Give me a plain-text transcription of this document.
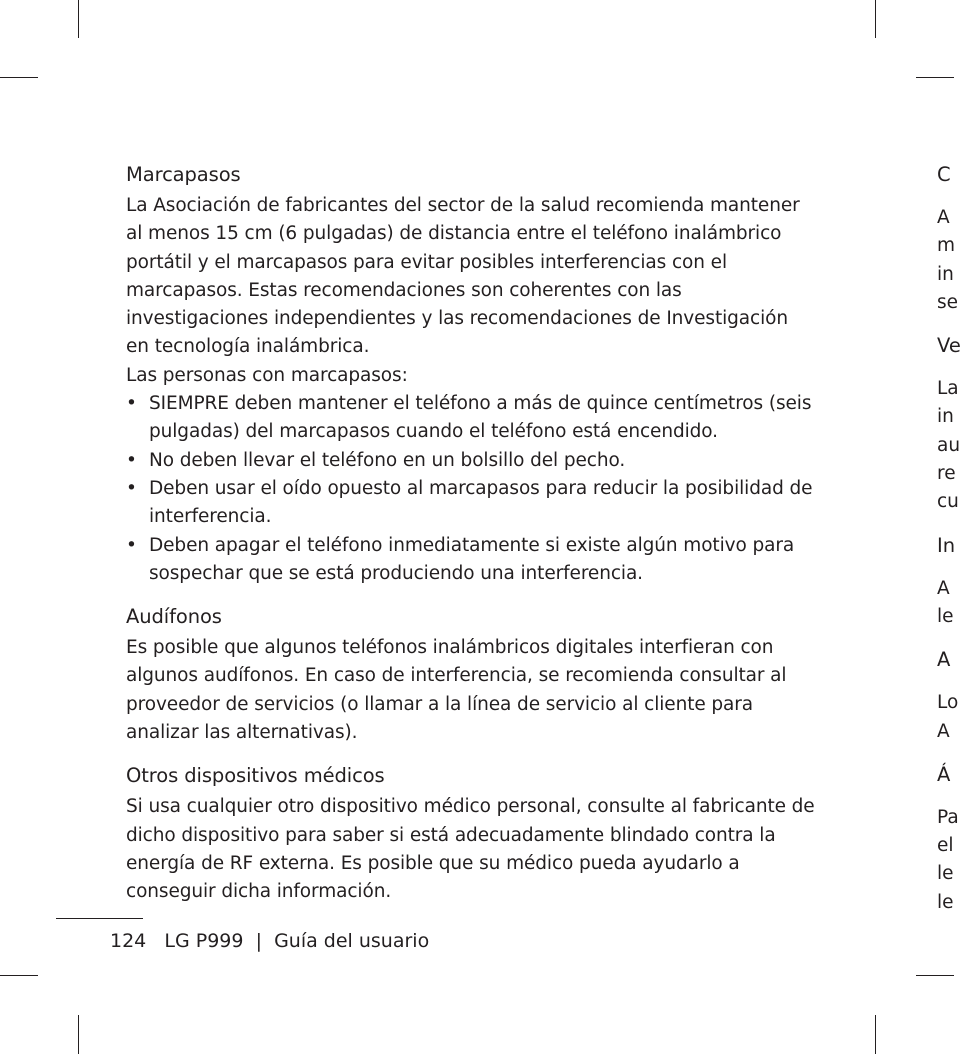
Marcapasos

La Asociación de fabricantes del sector de la salud recomienda mantener al menos 15 cm (6 pulgadas) de distancia entre el teléfono inalámbrico portátil y el marcapasos para evitar posibles interferencias con el marcapasos. Estas recomendaciones son coherentes con las investigaciones independientes y las recomendaciones de Investigación en tecnología inalámbrica.

Las personas con marcapasos:

• SIEMPRE deben mantener el teléfono a más de quince centímetros (seis pulgadas) del marcapasos cuando el teléfono está encendido.
• No deben llevar el teléfono en un bolsillo del pecho.
• Deben usar el oído opuesto al marcapasos para reducir la posibilidad de interferencia.
• Deben apagar el teléfono inmediatamente si existe algún motivo para sospechar que se está produciendo una interferencia.
Audífonos

Es posible que algunos teléfonos inalámbricos digitales interfieran con algunos audífonos. En caso de interferencia, se recomienda consultar al proveedor de servicios (o llamar a la línea de servicio al cliente para analizar las alternativas).

Otros dispositivos médicos

Si usa cualquier otro dispositivo médico personal, consulte al fabricante de dicho dispositivo para saber si está adecuadamente blindado contra la energía de RF externa. Es posible que su médico pueda ayudarlo a conseguir dicha información.

C
A
m
in
se
Ve
La
in
au
re
cu
In
A
le
A
Lo
A
Á
Pa
el
le
le
124 LG P999 | Guía del usuario
